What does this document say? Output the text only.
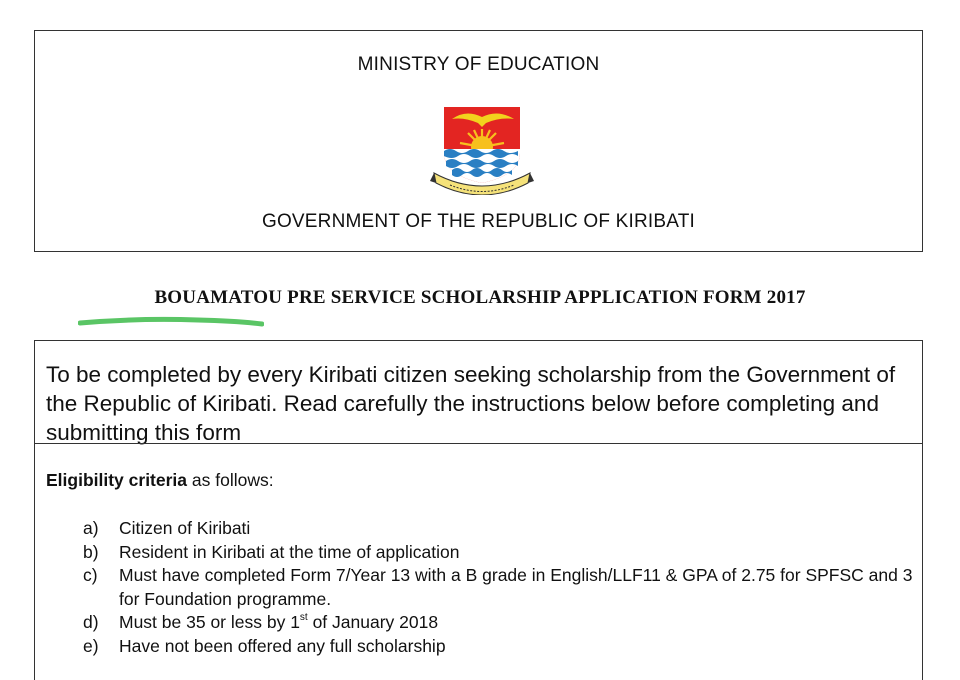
MINISTRY OF EDUCATION
GOVERNMENT OF THE REPUBLIC OF KIRIBATI
BOUAMATOU PRE SERVICE SCHOLARSHIP APPLICATION FORM 2017
To be completed by every Kiribati citizen seeking scholarship from the Government of the Republic of Kiribati. Read carefully the instructions below before completing and submitting this form
Eligibility criteria as follows:
a) Citizen of Kiribati
b) Resident in Kiribati at the time of application
c) Must have completed Form 7/Year 13 with a B grade in English/LLF11 & GPA of 2.75 for SPFSC and 3 for Foundation programme.
d) Must be 35 or less by 1st of January 2018
e) Have not been offered any full scholarship
